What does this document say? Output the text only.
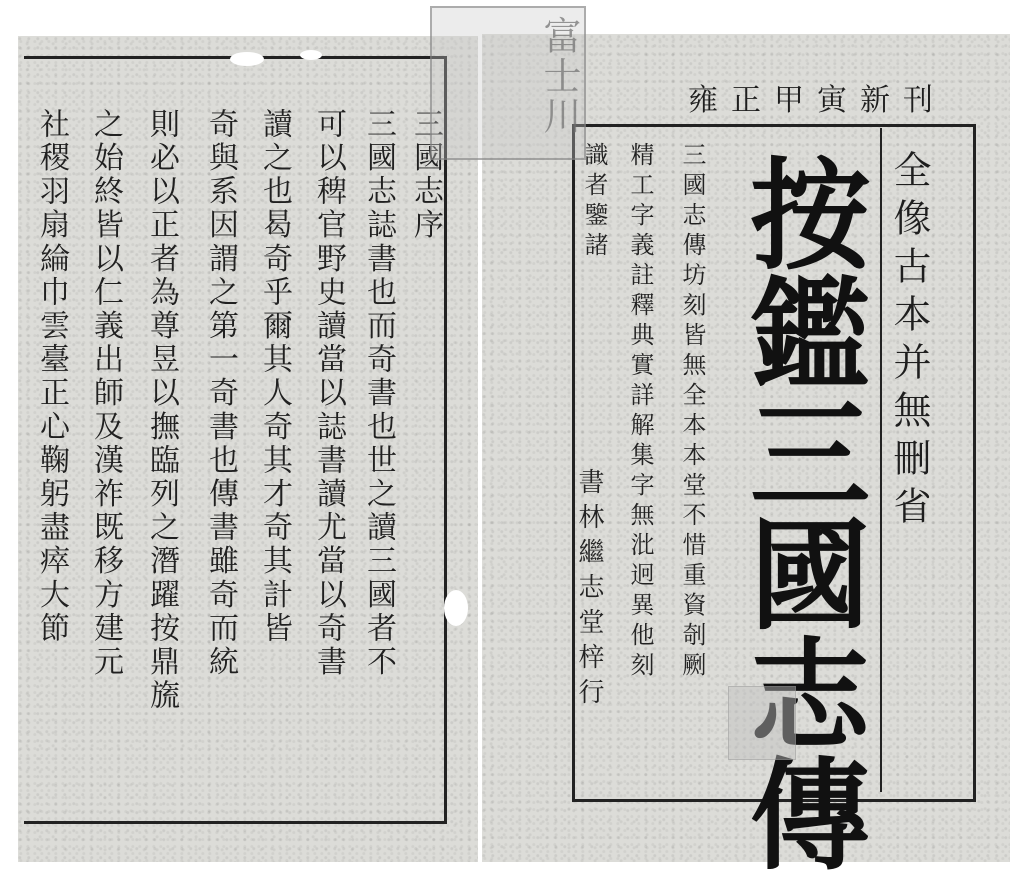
三國志序
三國志誌書也而奇書也世之讀三國者不
可以稗官野史讀當以誌書讀尤當以奇書
讀之也曷奇乎爾其人奇其才奇其計皆
奇與系因謂之第一奇書也傳書雖奇而統
則必以正者為尊昱以撫臨列之潛躍按鼎旒
之始終皆以仁義出師及漢祚既移方建元
社稷羽扇綸巾雲臺正心鞠躬盡瘁大節
雍正甲寅新刊
全像古本并無刪省
按鑑三國志傳
三國志傳坊刻皆無全本本堂不惜重資剞劂
精工字義註釋典實詳解集字無沘迥異他刻
識者鑒諸
書林繼志堂梓行
富士川
